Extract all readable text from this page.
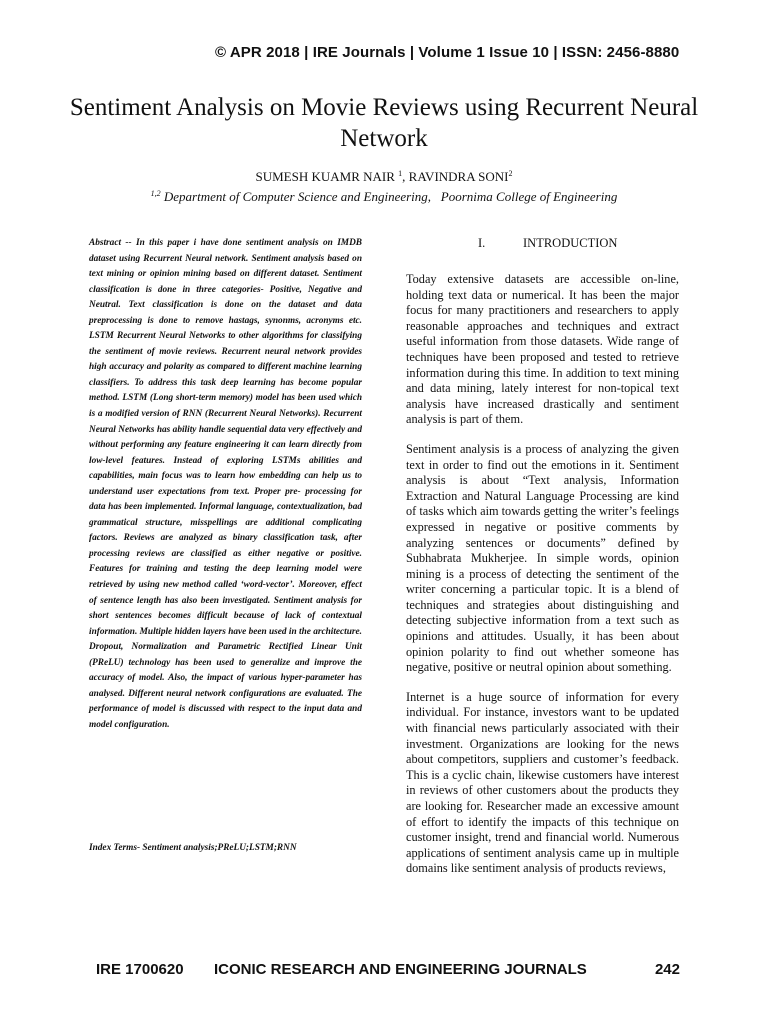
© APR 2018 | IRE Journals | Volume 1 Issue 10 | ISSN: 2456-8880
Sentiment Analysis on Movie Reviews using Recurrent Neural Network
SUMESH KUAMR NAIR $^1$, RAVINDRA SONI$^2$
$^{1,2}$ Department of Computer Science and Engineering, Poornima College of Engineering
Abstract -- In this paper i have done sentiment analysis on IMDB dataset using Recurrent Neural network. Sentiment analysis based on text mining or opinion mining based on different dataset. Sentiment classification is done in three categories- Positive, Negative and Neutral. Text classification is done on the dataset and data preprocessing is done to remove hastags, synonms, acronyms etc. LSTM Recurrent Neural Networks to other algorithms for classifying the sentiment of movie reviews. Recurrent neural network provides high accuracy and polarity as compared to different machine learning classifiers. To address this task deep learning has become popular method. LSTM (Long short-term memory) model has been used which is a modified version of RNN (Recurrent Neural Networks). Recurrent Neural Networks has ability handle sequential data very effectively and without performing any feature engineering it can learn directly from low-level features. Instead of exploring LSTMs abilities and capabilities, main focus was to learn how embedding can help us to understand user expectations from text. Proper pre- processing for data has been implemented. Informal language, contextualization, bad grammatical structure, misspellings are additional complicating factors. Reviews are analyzed as binary classification task, after processing reviews are classified as either negative or positive. Features for training and testing the deep learning model were retrieved by using new method called ‘word-vector’. Moreover, effect of sentence length has also been investigated. Sentiment analysis for short sentences becomes difficult because of lack of contextual information. Multiple hidden layers have been used in the architecture. Dropout, Normalization and Parametric Rectified Linear Unit (PReLU) technology has been used to generalize and improve the accuracy of model. Also, the impact of various hyper-parameter has analysed. Different neural network configurations are evaluated. The performance of model is discussed with respect to the input data and model configuration.
Index Terms- Sentiment analysis;PReLU;LSTM;RNN
I.	INTRODUCTION

Today extensive datasets are accessible on-line, holding text data or numerical. It has been the major focus for many practitioners and researchers to apply reasonable approaches and techniques and extract useful information from those datasets. Wide range of techniques have been proposed and tested to retrieve information during this time. In addition to text mining and data mining, lately interest for non-topical text analysis have increased drastically and sentiment analysis is part of them.

Sentiment analysis is a process of analyzing the given text in order to find out the emotions in it. Sentiment analysis is about “Text analysis, Information Extraction and Natural Language Processing are kind of tasks which aim towards getting the writer’s feelings expressed in negative or positive comments by analyzing sentences or documents” defined by Subhabrata Mukherjee. In simple words, opinion mining is a process of detecting the sentiment of the writer concerning a particular topic. It is a blend of techniques and strategies about distinguishing and detecting subjective information from a text such as opinions and attitudes. Usually, it has been about opinion polarity to find out whether someone has negative, positive or neutral opinion about something.

Internet is a huge source of information for every individual. For instance, investors want to be updated with financial news particularly associated with their investment. Organizations are looking for the news about competitors, suppliers and customer’s feedback. This is a cyclic chain, likewise customers have interest in reviews of other customers about the products they are looking for. Researcher made an excessive amount of effort to identify the impacts of this technique on customer insight, trend and financial world. Numerous applications of sentiment analysis came up in multiple domains like sentiment analysis of products reviews,

IRE 1700620 ICONIC RESEARCH AND ENGINEERING JOURNALS	242
